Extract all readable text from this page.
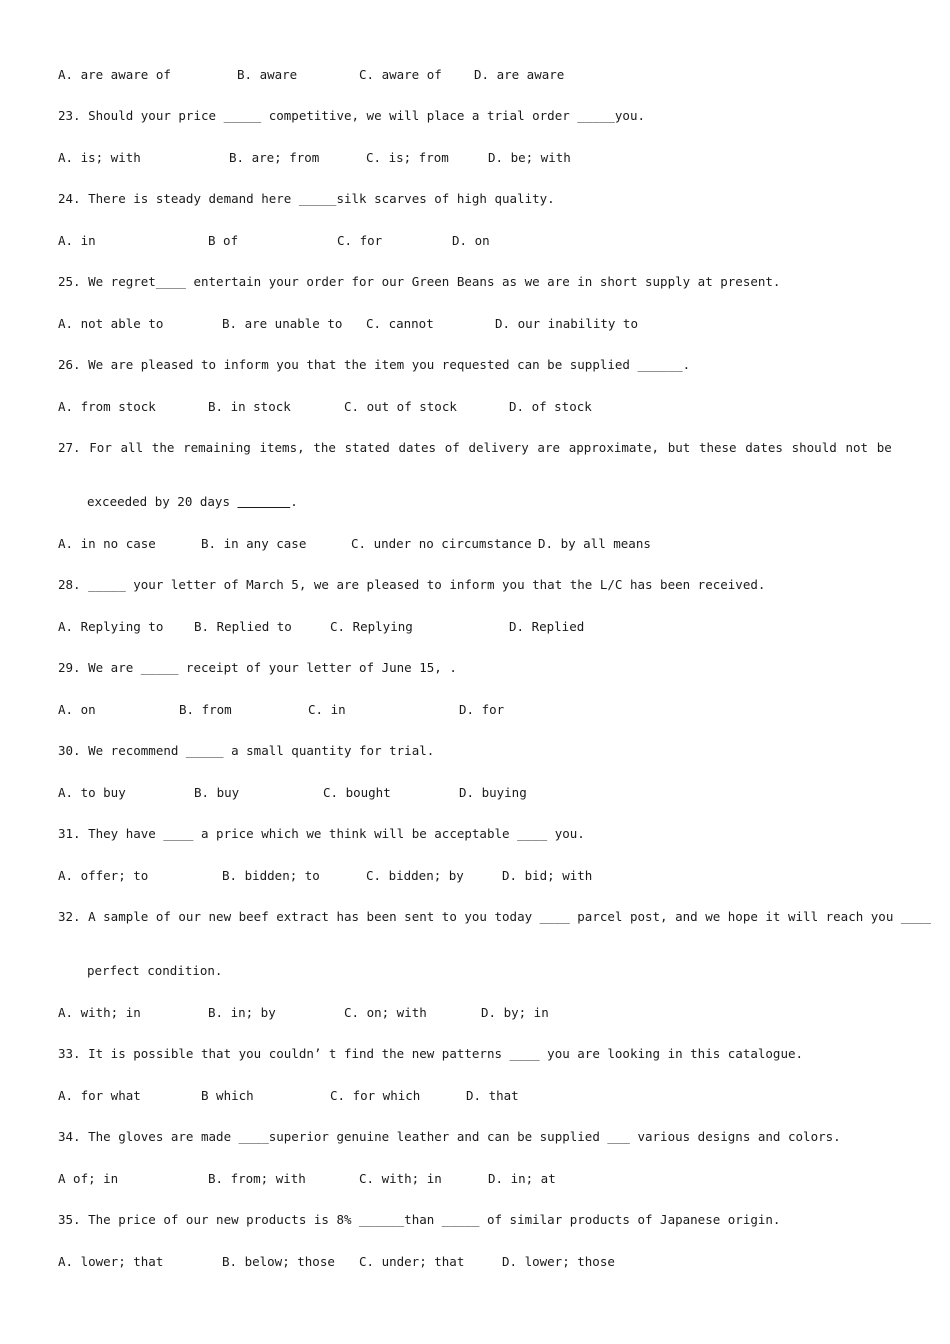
A. are aware of	B. aware	C. aware of	D. are aware
23. Should your price _____ competitive, we will place a trial order _____you.
A. is; with	B. are; from	C. is; from	D. be; with
24. There is steady demand here _____silk scarves of high quality.
A. in	B of	C. for	D. on
25. We regret____ entertain your order for our Green Beans as we are in short supply at present.
A. not able to	B. are unable to C. cannot	D. our inability to
26. We are pleased to inform you that the item you requested can be supplied ______.
A. from stock	B. in stock	C. out of stock	D. of stock
27. For all the remaining items, the stated dates of delivery are approximate, but these dates should not be
exceeded by 20 days	.
A. in no case	B. in any case	C. under no circumstance D. by all means
28. _____ your letter of March 5, we are pleased to inform you that the L/C has been received.
A. Replying to B. Replied to	C. Replying	D. Replied
29. We are _____ receipt of your letter of June 15, .
A. on	B. from	C. in	D. for
30. We recommend _____ a small quantity for trial.
A. to buy	B. buy	C. bought	D. buying
31. They have ____ a price which we think will be acceptable ____ you.
A. offer; to	B. bidden; to	C. bidden; by	D. bid; with
32. A sample of our new beef extract has been sent to you today ____ parcel post, and we hope it will reach you ____
perfect condition.
A. with; in	B. in; by	C. on; with	D. by; in
33. It is possible that you couldn’ t find the new patterns ____ you are looking in this catalogue.
A. for what	B which	C. for which	D. that
34. The gloves are made ____superior genuine leather and can be supplied ___ various designs and colors.
A of; in	B. from; with	C. with; in	D. in; at
35. The price of our new products is 8% ______than _____ of similar products of Japanese origin.
A. lower; that	B. below; those C. under; that	D. lower; those
